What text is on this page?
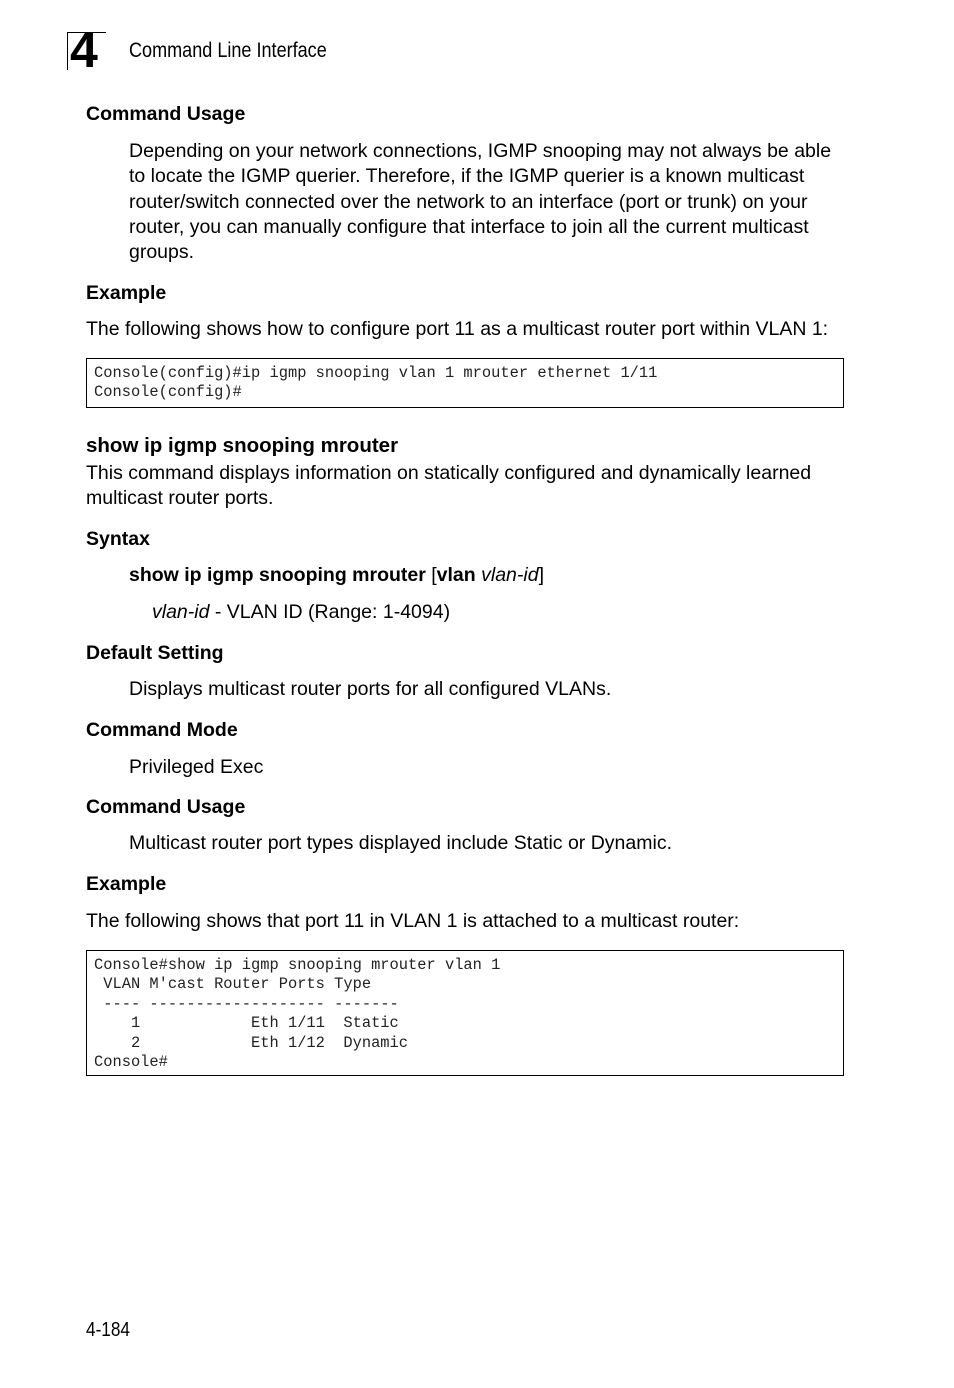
4 Command Line Interface
Command Usage
Depending on your network connections, IGMP snooping may not always be able to locate the IGMP querier. Therefore, if the IGMP querier is a known multicast router/switch connected over the network to an interface (port or trunk) on your router, you can manually configure that interface to join all the current multicast groups.
Example
The following shows how to configure port 11 as a multicast router port within VLAN 1:
Console(config)#ip igmp snooping vlan 1 mrouter ethernet 1/11
Console(config)#
show ip igmp snooping mrouter
This command displays information on statically configured and dynamically learned multicast router ports.
Syntax
show ip igmp snooping mrouter [vlan vlan-id]
vlan-id - VLAN ID (Range: 1-4094)
Default Setting
Displays multicast router ports for all configured VLANs.
Command Mode
Privileged Exec
Command Usage
Multicast router port types displayed include Static or Dynamic.
Example
The following shows that port 11 in VLAN 1 is attached to a multicast router:
Console#show ip igmp snooping mrouter vlan 1
VLAN M'cast Router Ports Type
---- ------------------- -------
1            Eth 1/11  Static
2            Eth 1/12  Dynamic
Console#
4-184
